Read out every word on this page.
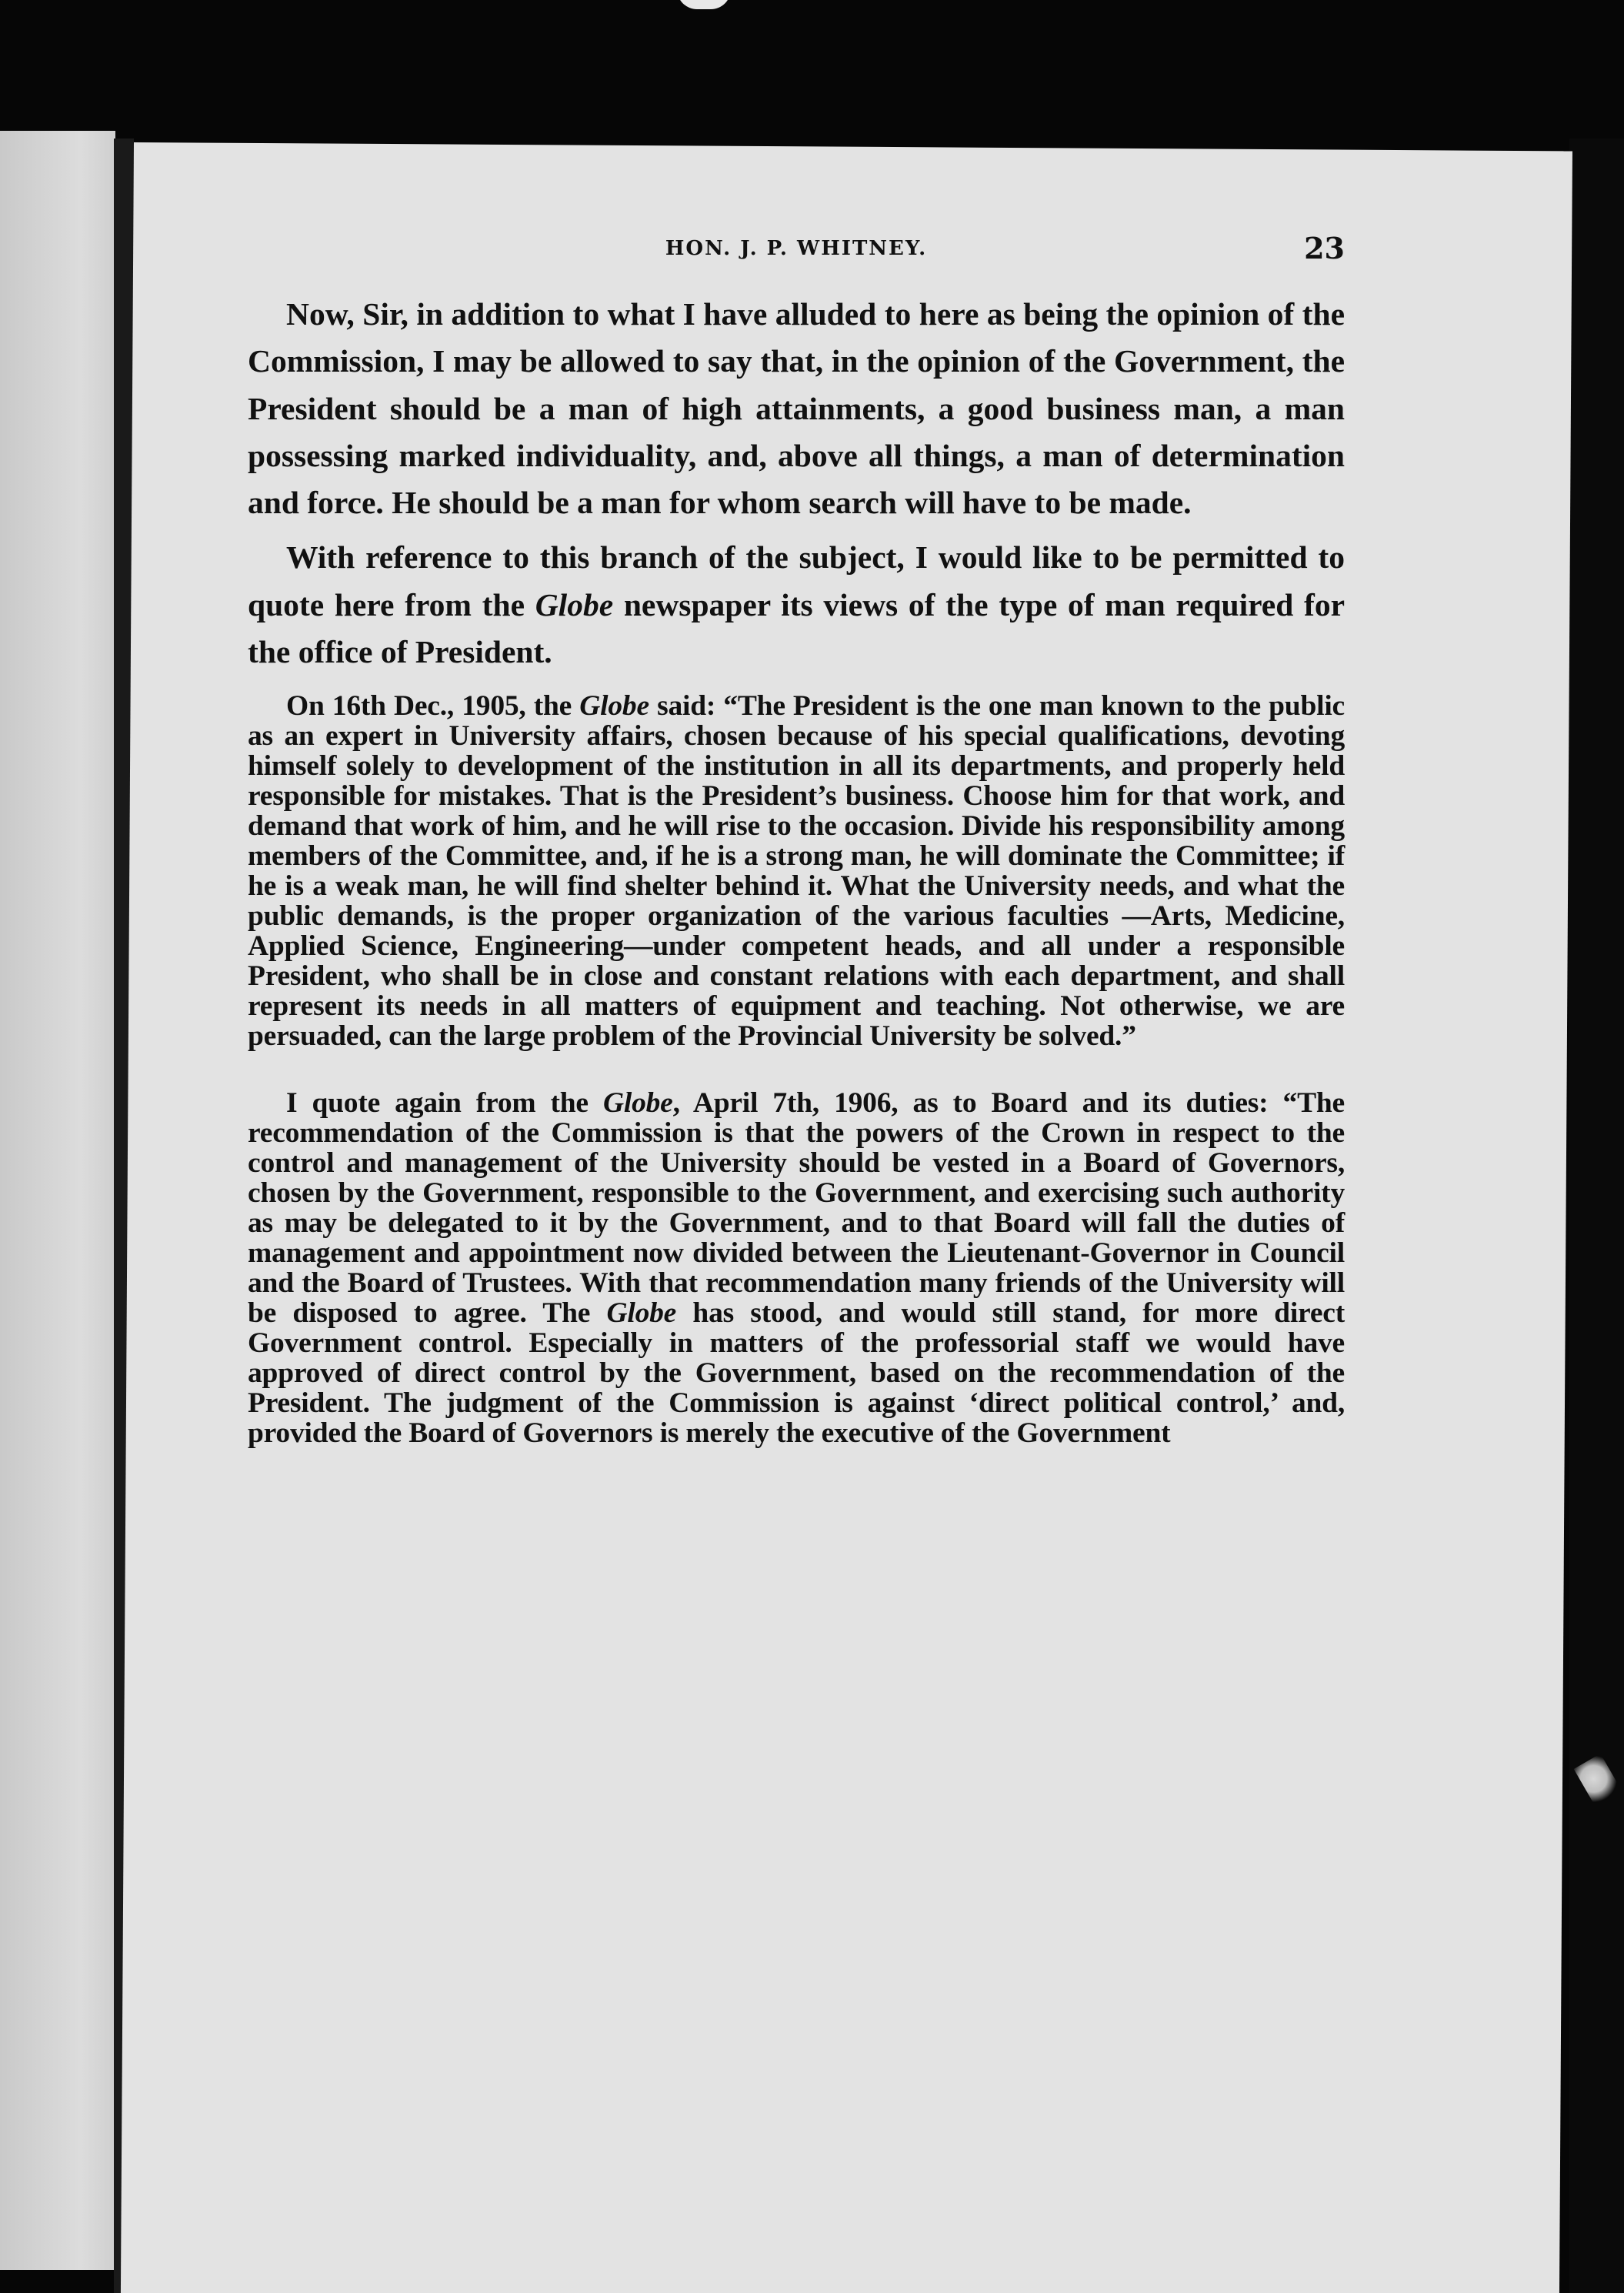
HON. J. P. WHITNEY.	23

Now, Sir, in addition to what I have alluded to here as being the opinion of the Commission, I may be allowed to say that, in the opinion of the Government, the President should be a man of high attainments, a good business man, a man possessing marked individuality, and, above all things, a man of determination and force. He should be a man for whom search will have to be made.

With reference to this branch of the subject, I would like to be permitted to quote here from the Globe newspaper its views of the type of man required for the office of President.

On 16th Dec., 1905, the Globe said: “The President is the one man known to the public as an expert in University affairs, chosen because of his special qualifications, devoting himself solely to development of the institution in all its departments, and properly held responsible for mistakes. That is the President’s business. Choose him for that work, and demand that work of him, and he will rise to the occasion. Divide his responsibility among members of the Committee, and, if he is a strong man, he will dominate the Committee; if he is a weak man, he will find shelter behind it. What the University needs, and what the public demands, is the proper organization of the various faculties —Arts, Medicine, Applied Science, Engineering—under competent heads, and all under a responsible President, who shall be in close and constant relations with each department, and shall represent its needs in all matters of equipment and teaching. Not otherwise, we are persuaded, can the large problem of the Provincial University be solved.”

I quote again from the Globe, April 7th, 1906, as to Board and its duties: “The recommendation of the Commission is that the powers of the Crown in respect to the control and management of the University should be vested in a Board of Governors, chosen by the Government, responsible to the Government, and exercising such authority as may be delegated to it by the Government, and to that Board will fall the duties of management and appointment now divided between the Lieutenant-Governor in Council and the Board of Trustees. With that recommendation many friends of the University will be disposed to agree. The Globe has stood, and would still stand, for more direct Government control. Especially in matters of the professorial staff we would have approved of direct control by the Government, based on the recommendation of the President. The judgment of the Commission is against ‘direct political control,’ and, provided the Board of Governors is merely the executive of the Government
